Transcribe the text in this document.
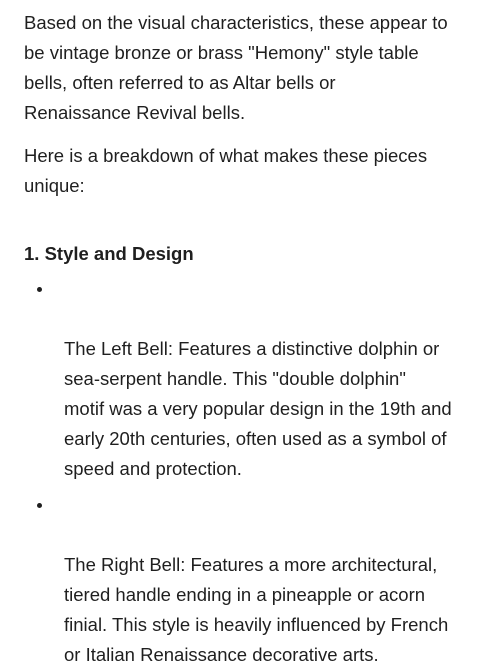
Based on the visual characteristics, these appear to
be vintage bronze or brass "Hemony" style table
bells, often referred to as Altar bells or
Renaissance Revival bells.

Here is a breakdown of what makes these pieces
unique:

1. Style and Design

The Left Bell: Features a distinctive dolphin or
sea-serpent handle. This "double dolphin"
motif was a very popular design in the 19th and
early 20th centuries, often used as a symbol of
speed and protection.

The Right Bell: Features a more architectural,
tiered handle ending in a pineapple or acorn
finial. This style is heavily influenced by French
or Italian Renaissance decorative arts.
